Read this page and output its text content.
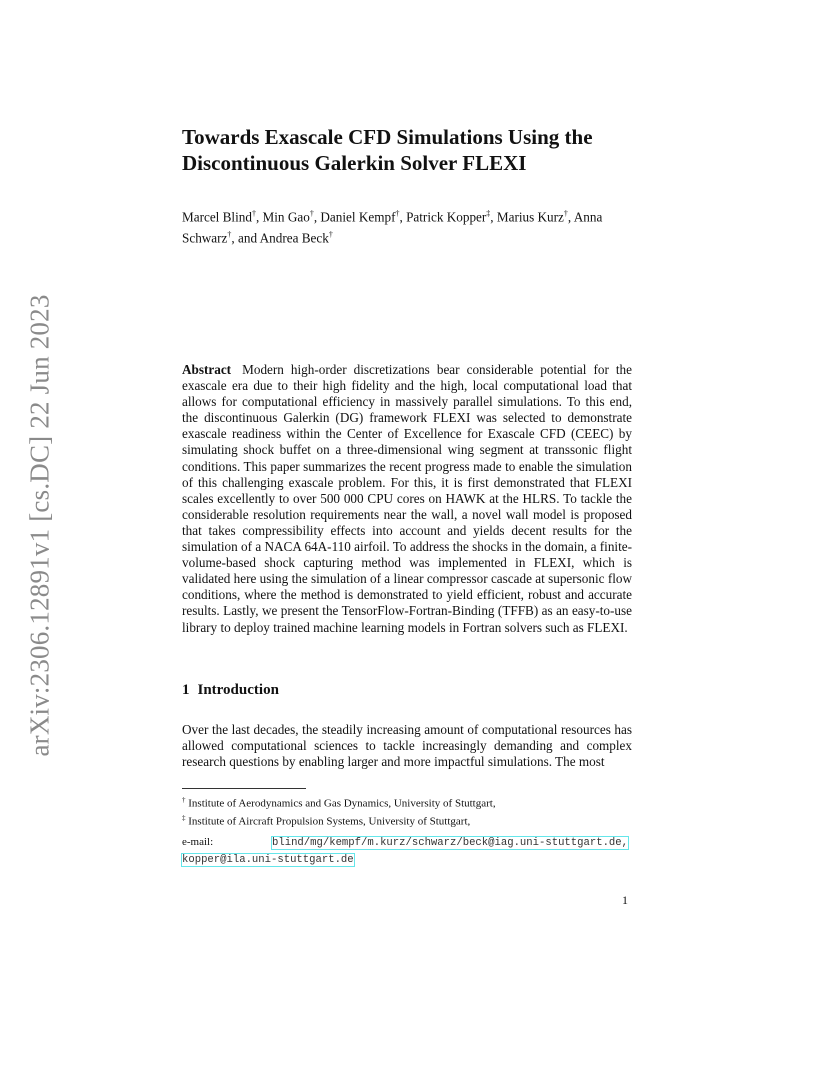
arXiv:2306.12891v1 [cs.DC] 22 Jun 2023
Towards Exascale CFD Simulations Using the Discontinuous Galerkin Solver FLEXI

Marcel Blind†, Min Gao†, Daniel Kempf†, Patrick Kopper‡, Marius Kurz†, Anna Schwarz†, and Andrea Beck†

Abstract Modern high-order discretizations bear considerable potential for the exascale era due to their high fidelity and the high, local computational load that allows for computational efficiency in massively parallel simulations. To this end, the discontinuous Galerkin (DG) framework FLEXI was selected to demonstrate exascale readiness within the Center of Excellence for Exascale CFD (CEEC) by simulating shock buffet on a three-dimensional wing segment at transsonic flight conditions. This paper summarizes the recent progress made to enable the simulation of this challenging exascale problem. For this, it is first demonstrated that FLEXI scales excellently to over 500 000 CPU cores on HAWK at the HLRS. To tackle the considerable resolution requirements near the wall, a novel wall model is proposed that takes compressibility effects into account and yields decent results for the simulation of a NACA 64A-110 airfoil. To address the shocks in the domain, a finite-volume-based shock capturing method was implemented in FLEXI, which is validated here using the simulation of a linear compressor cascade at supersonic flow conditions, where the method is demonstrated to yield efficient, robust and accurate results. Lastly, we present the TensorFlow-Fortran-Binding (TFFB) as an easy-to-use library to deploy trained machine learning models in Fortran solvers such as FLEXI.

1 Introduction

Over the last decades, the steadily increasing amount of computational resources has allowed computational sciences to tackle increasingly demanding and complex research questions by enabling larger and more impactful simulations. The most

† Institute of Aerodynamics and Gas Dynamics, University of Stuttgart,
‡ Institute of Aircraft Propulsion Systems, University of Stuttgart,
e-mail:	blind/mg/kempf/m.kurz/schwarz/beck@iag.uni-stuttgart.de,
kopper@ila.uni-stuttgart.de
1
